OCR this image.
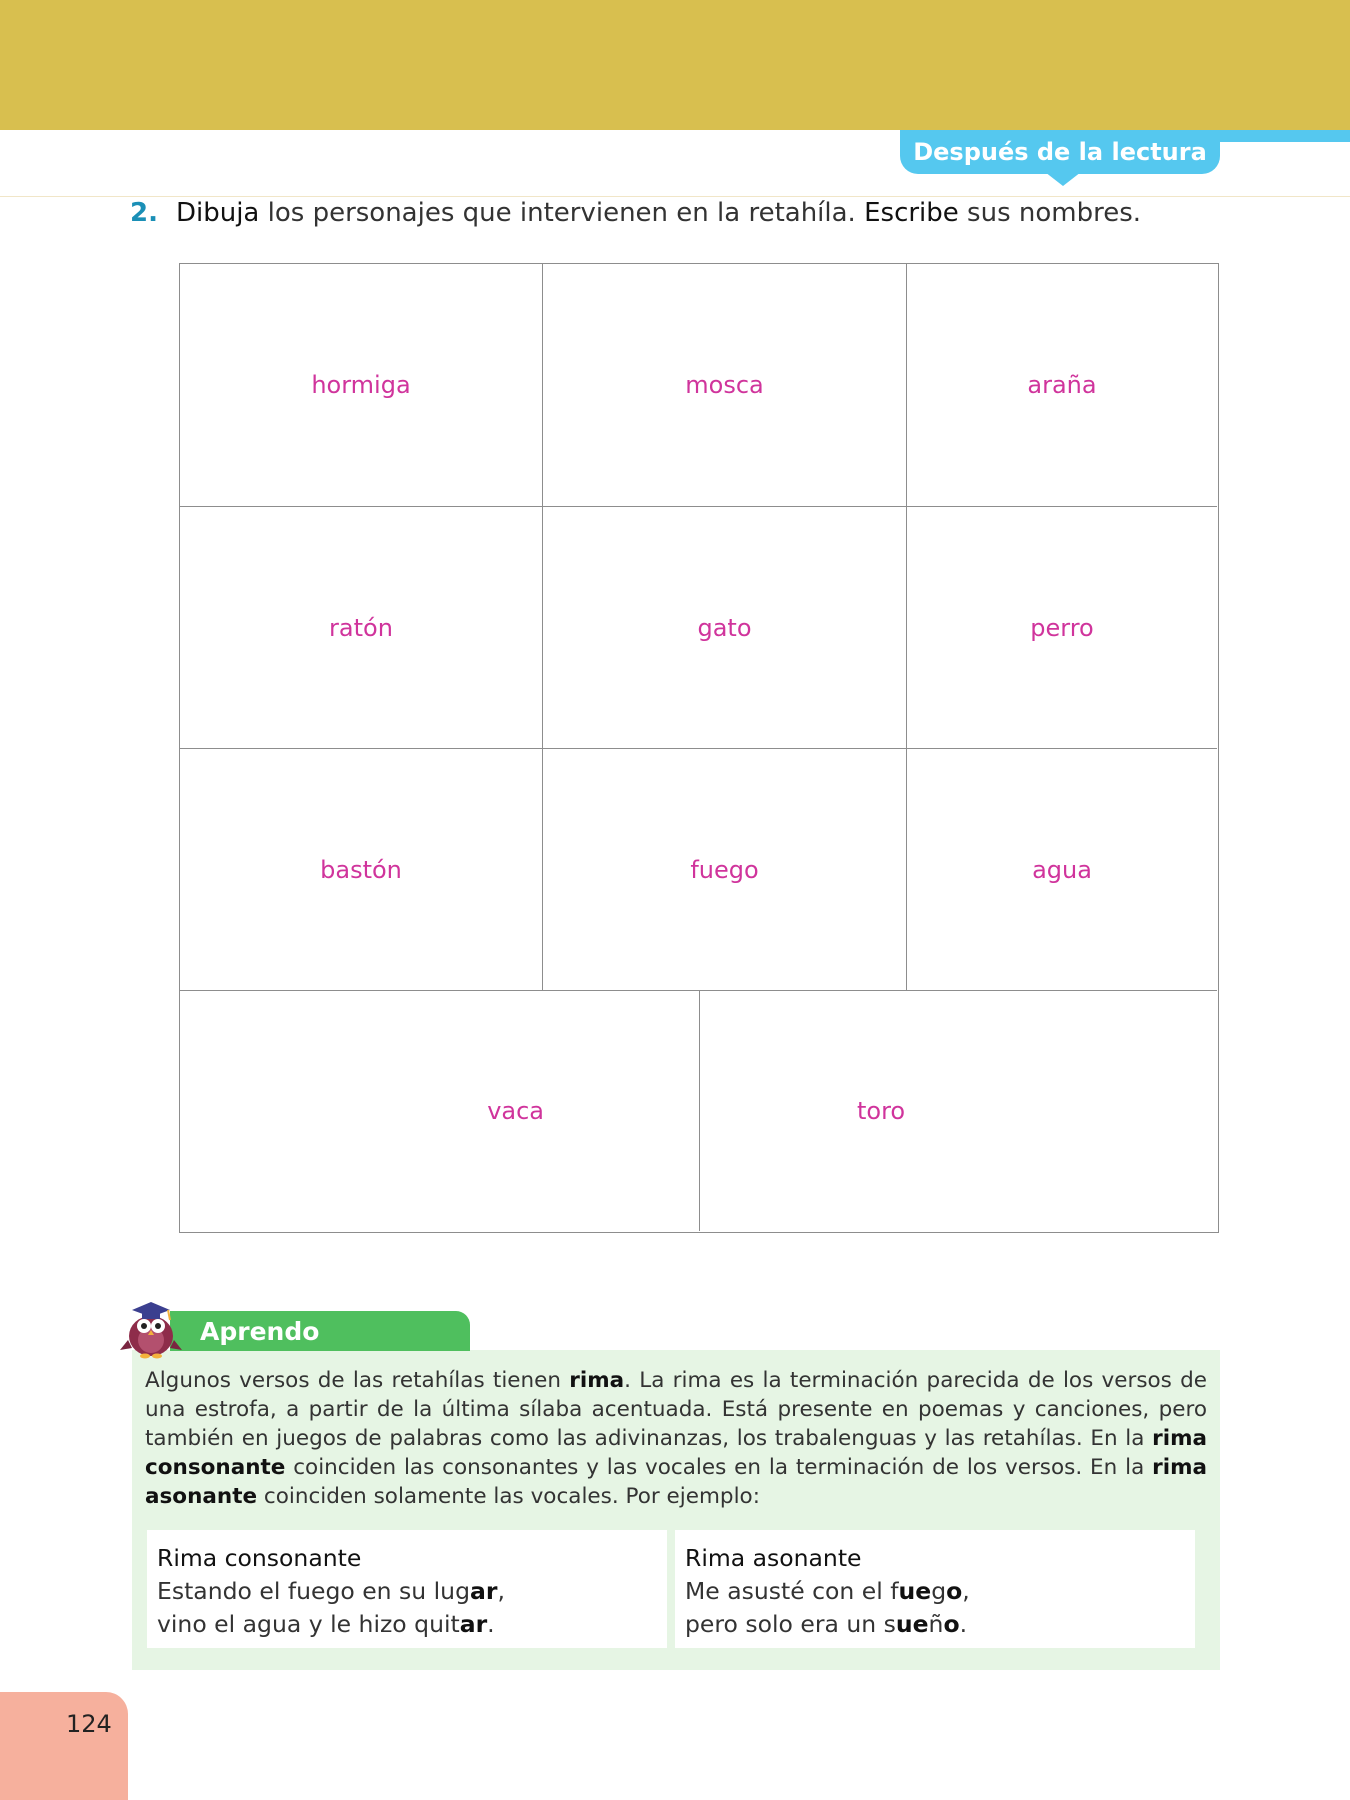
Después de la lectura
2. Dibuja los personajes que intervienen en la retahíla. Escribe sus nombres.
hormiga	mosca	araña
ratón	gato	perro
bastón	fuego	agua
vaca	toro
Aprendo
Algunos versos de las retahílas tienen rima. La rima es la terminación parecida de los versos de una estrofa, a partir de la última sílaba acentuada. Está presente en poemas y canciones, pero también en juegos de palabras como las adivinanzas, los trabalenguas y las retahílas. En la rima consonante coinciden las consonantes y las vocales en la terminación de los versos. En la rima asonante coinciden solamente las vocales. Por ejemplo:
Rima consonante
Estando el fuego en su lugar,
vino el agua y le hizo quitar.
Rima asonante
Me asusté con el fuego,
pero solo era un sueño.
124
